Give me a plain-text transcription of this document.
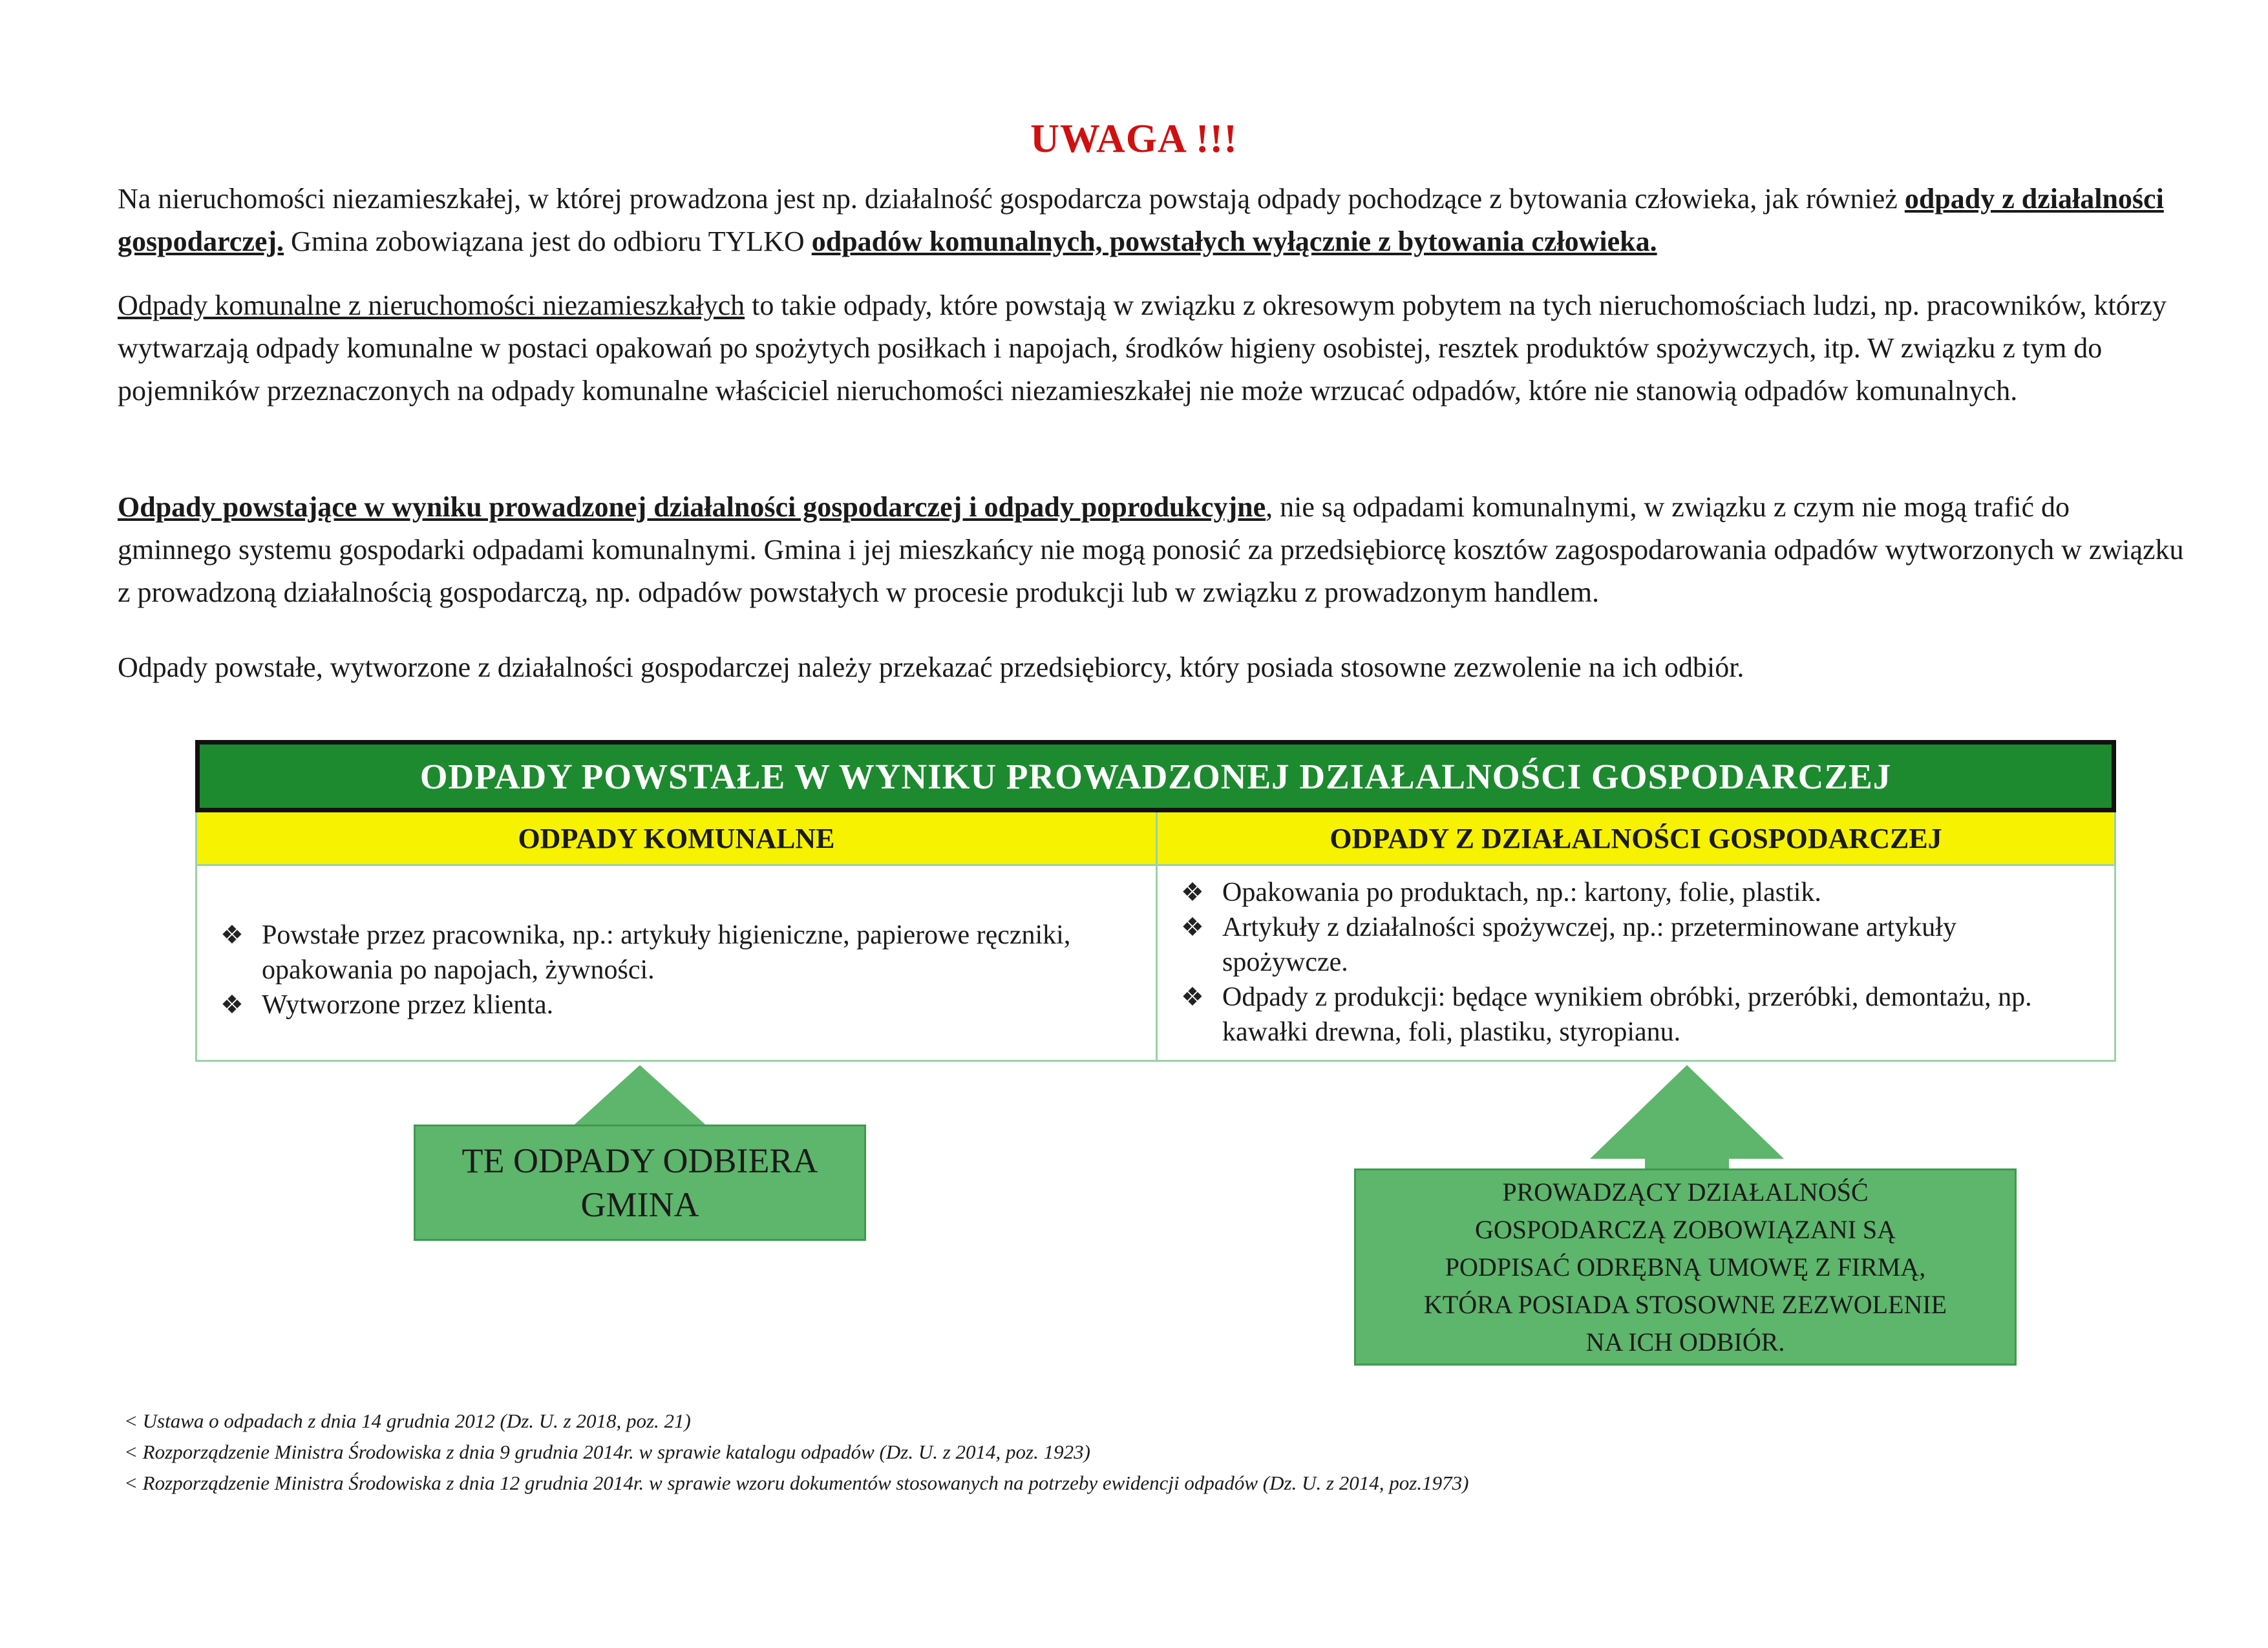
UWAGA !!!
Na nieruchomości niezamieszkałej, w której prowadzona jest np. działalność gospodarcza powstają odpady pochodzące z bytowania człowieka, jak również odpady z działalności gospodarczej. Gmina zobowiązana jest do odbioru TYLKO odpadów komunalnych, powstałych wyłącznie z bytowania człowieka.
Odpady komunalne z nieruchomości niezamieszkałych to takie odpady, które powstają w związku z okresowym pobytem na tych nieruchomościach ludzi, np. pracowników, którzy wytwarzają odpady komunalne w postaci opakowań po spożytych posiłkach i napojach, środków higieny osobistej, resztek produktów spożywczych, itp. W związku z tym do pojemników przeznaczonych na odpady komunalne właściciel nieruchomości niezamieszkałej nie może wrzucać odpadów, które nie stanowią odpadów komunalnych.
Odpady powstające w wyniku prowadzonej działalności gospodarczej i odpady poprodukcyjne, nie są odpadami komunalnymi, w związku z czym nie mogą trafić do gminnego systemu gospodarki odpadami komunalnymi. Gmina i jej mieszkańcy nie mogą ponosić za przedsiębiorcę kosztów zagospodarowania odpadów wytworzonych w związku z prowadzoną działalnością gospodarczą, np. odpadów powstałych w procesie produkcji lub w związku z prowadzonym handlem.
Odpady powstałe, wytworzone z działalności gospodarczej należy przekazać przedsiębiorcy, który posiada stosowne zezwolenie na ich odbiór.
ODPADY POWSTAŁE W WYNIKU PROWADZONEJ DZIAŁALNOŚCI GOSPODARCZEJ
ODPADY KOMUNALNE
❖ Powstałe przez pracownika, np.: artykuły higieniczne, papierowe ręczniki, opakowania po napojach, żywności.
❖ Wytworzone przez klienta.
ODPADY Z DZIAŁALNOŚCI GOSPODARCZEJ
❖ Opakowania po produktach, np.: kartony, folie, plastik.
❖ Artykuły z działalności spożywczej, np.: przeterminowane artykuły spożywcze.
❖ Odpady z produkcji: będące wynikiem obróbki, przeróbki, demontażu, np. kawałki drewna, foli, plastiku, styropianu.
TE ODPADY ODBIERA
GMINA	PROWADZĄCY DZIAŁALNOŚĆ
GOSPODARCZĄ ZOBOWIĄZANI SĄ
PODPISAĆ ODRĘBNĄ UMOWĘ Z FIRMĄ,
KTÓRA POSIADA STOSOWNE ZEZWOLENIE
NA ICH ODBIÓR.
< Ustawa o odpadach z dnia 14 grudnia 2012 (Dz. U. z 2018, poz. 21)
< Rozporządzenie Ministra Środowiska z dnia 9 grudnia 2014r. w sprawie katalogu odpadów (Dz. U. z 2014, poz. 1923)
< Rozporządzenie Ministra Środowiska z dnia 12 grudnia 2014r. w sprawie wzoru dokumentów stosowanych na potrzeby ewidencji odpadów (Dz. U. z 2014, poz.1973)
